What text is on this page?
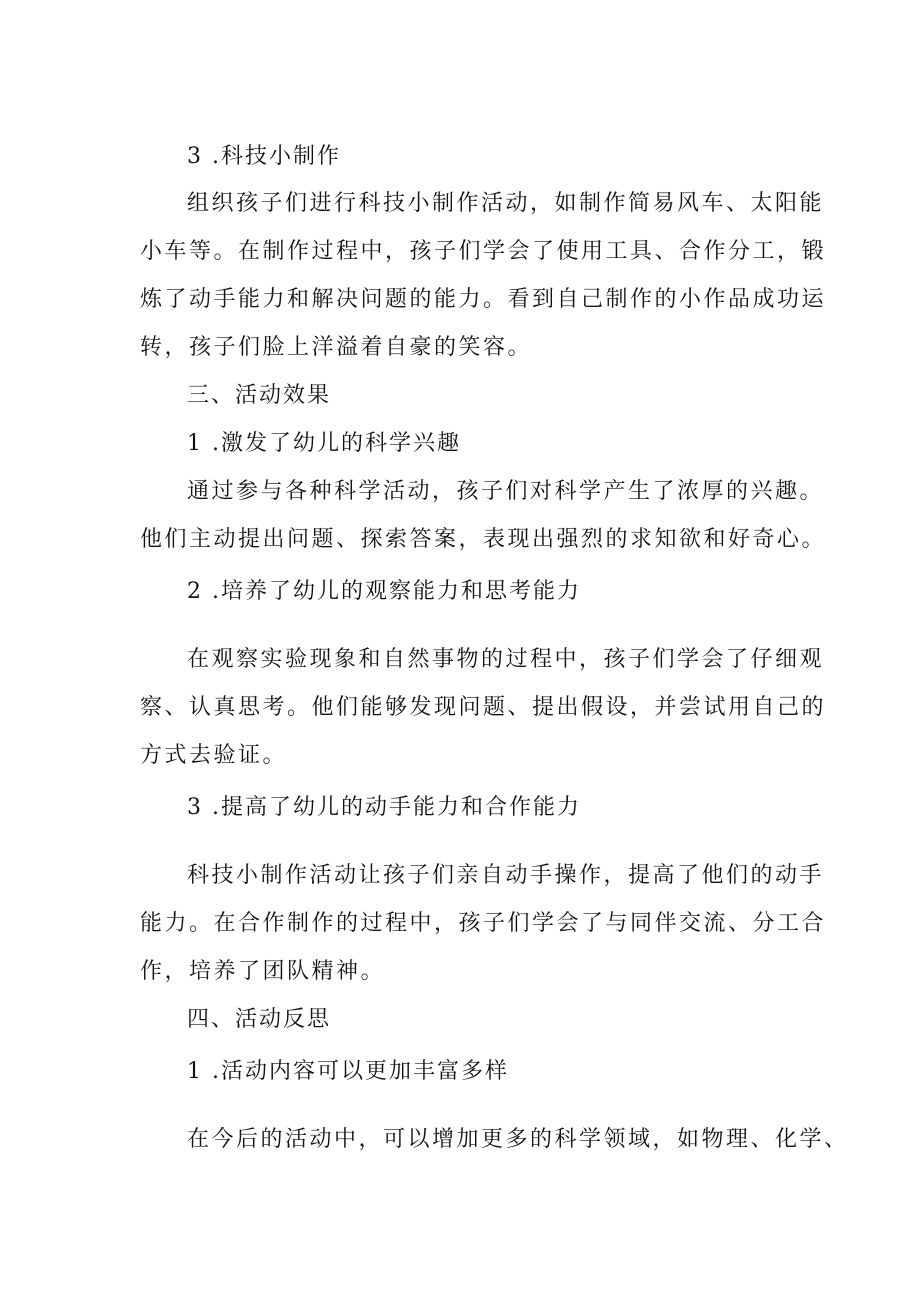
3 .科技小制作
组织孩子们进行科技小制作活动，如制作简易风车、太阳能
小车等。在制作过程中，孩子们学会了使用工具、合作分工，锻
炼了动手能力和解决问题的能力。看到自己制作的小作品成功运
转，孩子们脸上洋溢着自豪的笑容。
三、活动效果
1 .激发了幼儿的科学兴趣
通过参与各种科学活动，孩子们对科学产生了浓厚的兴趣。
他们主动提出问题、探索答案，表现出强烈的求知欲和好奇心。
2 .培养了幼儿的观察能力和思考能力
在观察实验现象和自然事物的过程中，孩子们学会了仔细观
察、认真思考。他们能够发现问题、提出假设，并尝试用自己的
方式去验证。
3 .提高了幼儿的动手能力和合作能力
科技小制作活动让孩子们亲自动手操作，提高了他们的动手
能力。在合作制作的过程中，孩子们学会了与同伴交流、分工合
作，培养了团队精神。
四、活动反思
1 .活动内容可以更加丰富多样
在今后的活动中，可以增加更多的科学领域，如物理、化学、
